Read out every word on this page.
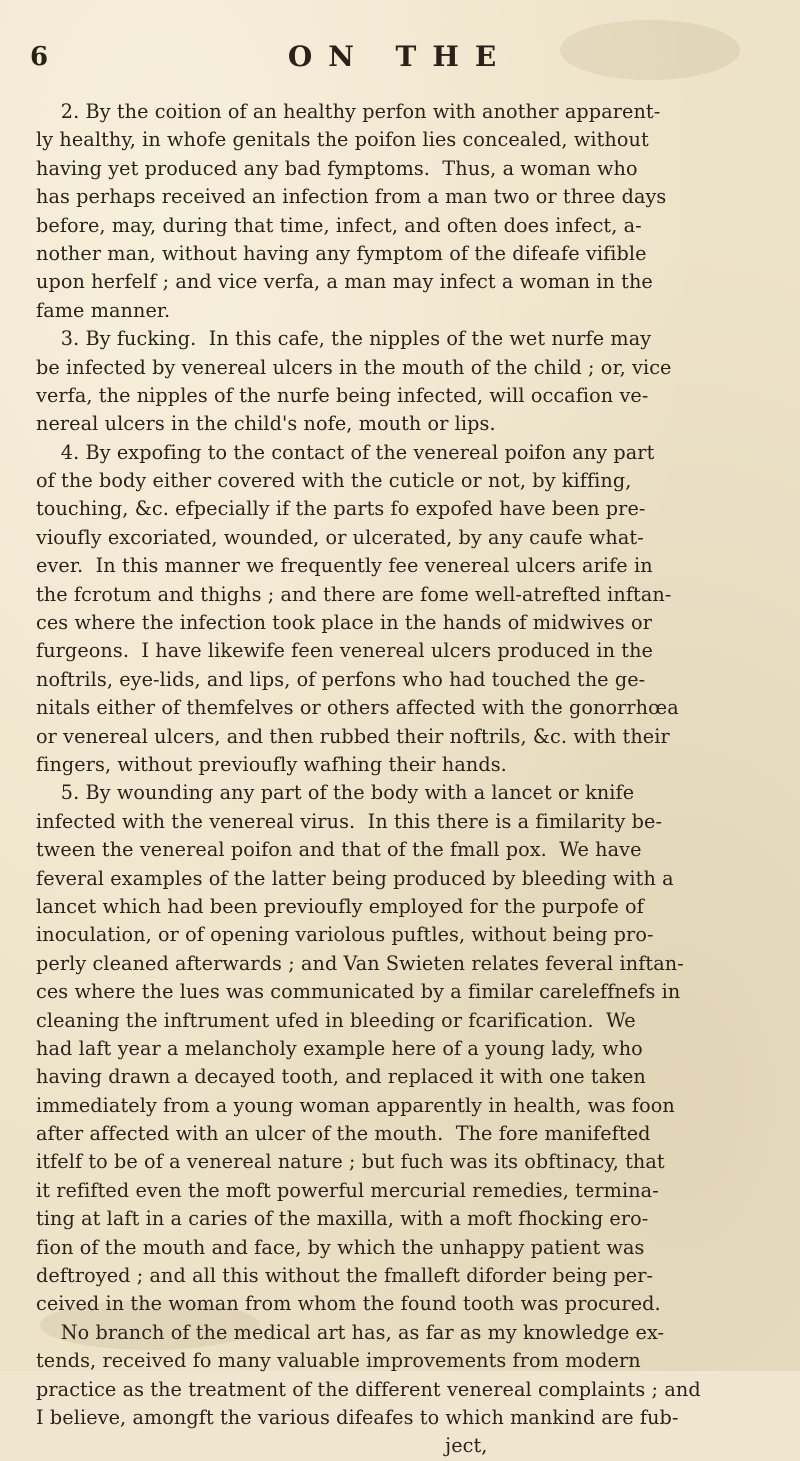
6	ON THE
2. By the coition of an healthy perfon with another apparent-
ly healthy, in whofe genitals the poifon lies concealed, without
having yet produced any bad fymptoms.  Thus, a woman who
has perhaps received an infection from a man two or three days
before, may, during that time, infect, and often does infect, a-
nother man, without having any fymptom of the difeafe vifible
upon herfelf ; and vice verfa, a man may infect a woman in the
fame manner.
3. By fucking.  In this cafe, the nipples of the wet nurfe may
be infected by venereal ulcers in the mouth of the child ; or, vice
verfa, the nipples of the nurfe being infected, will occafion ve-
nereal ulcers in the child's nofe, mouth or lips.
4. By expofing to the contact of the venereal poifon any part
of the body either covered with the cuticle or not, by kiffing,
touching, &c. efpecially if the parts fo expofed have been pre-
vioufly excoriated, wounded, or ulcerated, by any caufe what-
ever.  In this manner we frequently fee venereal ulcers arife in
the fcrotum and thighs ; and there are fome well-atrefted inftan-
ces where the infection took place in the hands of midwives or
furgeons.  I have likewife feen venereal ulcers produced in the
noftrils, eye-lids, and lips, of perfons who had touched the ge-
nitals either of themfelves or others affected with the gonorrhœa
or venereal ulcers, and then rubbed their noftrils, &c. with their
fingers, without previoufly wafhing their hands.
5. By wounding any part of the body with a lancet or knife
infected with the venereal virus.  In this there is a fimilarity be-
tween the venereal poifon and that of the fmall pox.  We have
feveral examples of the latter being produced by bleeding with a
lancet which had been previoufly employed for the purpofe of
inoculation, or of opening variolous puftles, without being pro-
perly cleaned afterwards ; and Van Swieten relates feveral inftan-
ces where the lues was communicated by a fimilar careleffnefs in
cleaning the inftrument ufed in bleeding or fcarification.  We
had laft year a melancholy example here of a young lady, who
having drawn a decayed tooth, and replaced it with one taken
immediately from a young woman apparently in health, was foon
after affected with an ulcer of the mouth.  The fore manifefted
itfelf to be of a venereal nature ; but fuch was its obftinacy, that
it refifted even the moft powerful mercurial remedies, termina-
ting at laft in a caries of the maxilla, with a moft fhocking ero-
fion of the mouth and face, by which the unhappy patient was
deftroyed ; and all this without the fmalleft diforder being per-
ceived in the woman from whom the found tooth was procured.
No branch of the medical art has, as far as my knowledge ex-
tends, received fo many valuable improvements from modern
practice as the treatment of the different venereal complaints ; and
I believe, amongft the various difeafes to which mankind are fub-
ject,
